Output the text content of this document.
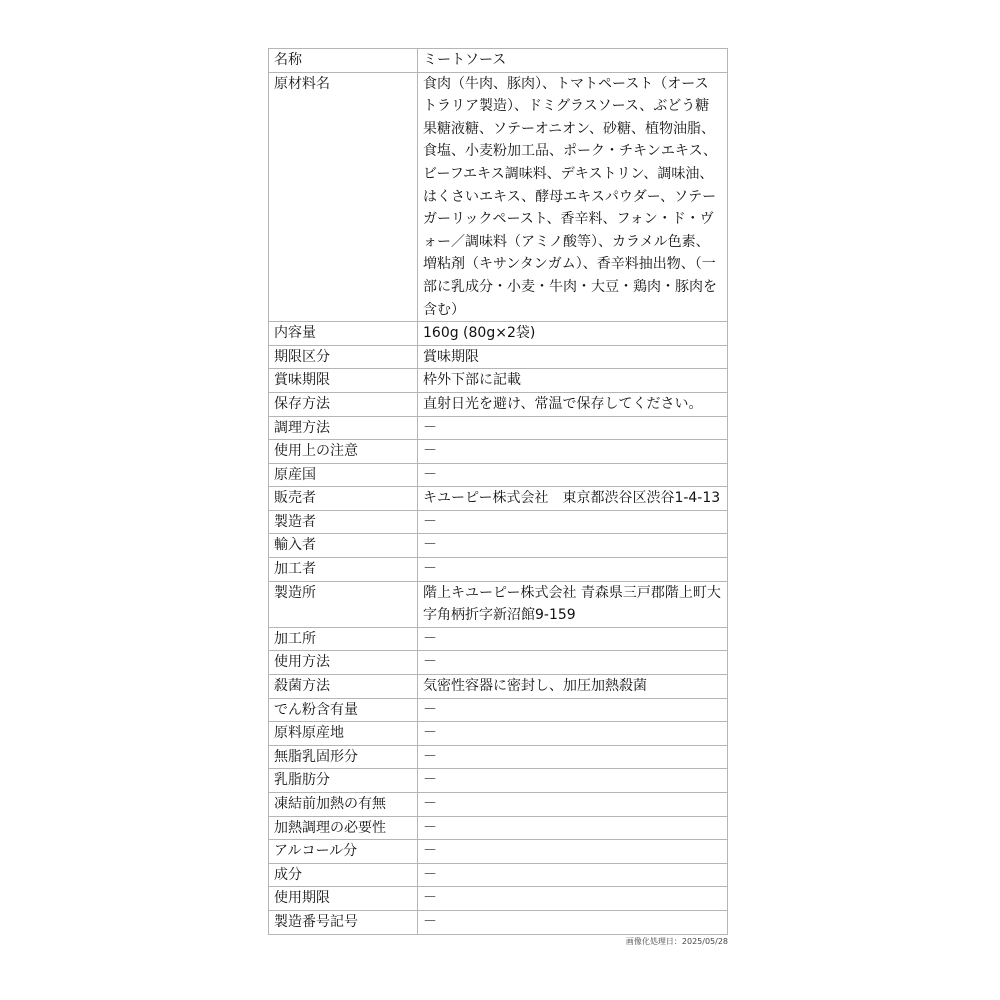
名称	ミートソース
原材料名	食肉（牛肉、豚肉）、トマトペースト（オーストラリア製造）、ドミグラスソース、ぶどう糖果糖液糖、ソテーオニオン、砂糖、植物油脂、食塩、小麦粉加工品、ポーク・チキンエキス、ビーフエキス調味料、デキストリン、調味油、はくさいエキス、酵母エキスパウダー、ソテーガーリックペースト、香辛料、フォン・ド・ヴォー／調味料（アミノ酸等）、カラメル色素、増粘剤（キサンタンガム）、香辛料抽出物、（一部に乳成分・小麦・牛肉・大豆・鶏肉・豚肉を含む）
内容量	160g (80g×2袋)
期限区分	賞味期限
賞味期限	枠外下部に記載
保存方法	直射日光を避け、常温で保存してください。
調理方法	－
使用上の注意	－
原産国	－
販売者	キユーピー株式会社　東京都渋谷区渋谷1-4-13
製造者	－
輸入者	－
加工者	－
製造所	階上キユーピー株式会社 青森県三戸郡階上町大字角柄折字新沼館9-159
加工所	－
使用方法	－
殺菌方法	気密性容器に密封し、加圧加熱殺菌
でん粉含有量	－
原料原産地	－
無脂乳固形分	－
乳脂肪分	－
凍結前加熱の有無	－
加熱調理の必要性	－
アルコール分	－
成分	－
使用期限	－
製造番号記号	－
画像化処理日：2025/05/28
